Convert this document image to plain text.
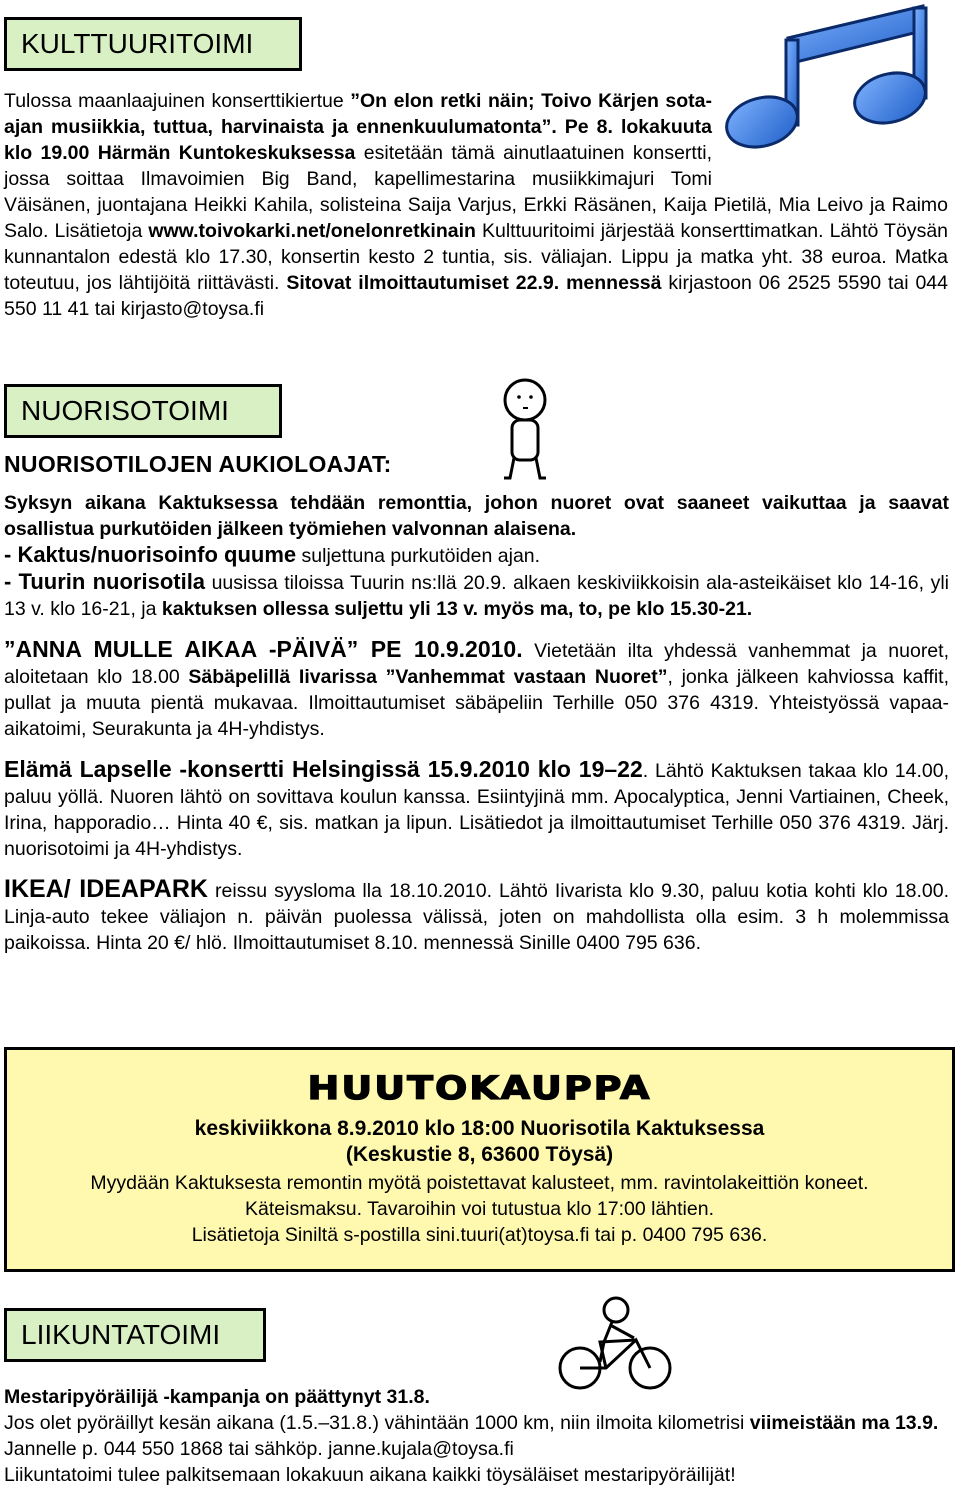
KULTTUURITOIMI
NUORISOTOIMI
NUORISOTILOJEN AUKIOLOAJAT:
HUUTOKAUPPA
keskiviikkona 8.9.2010 klo 18:00 Nuorisotila Kaktuksessa
(Keskustie 8, 63600 Töysä)
Myydään Kaktuksesta remontin myötä poistettavat kalusteet, mm. ravintolakeittiön koneet.
Käteismaksu. Tavaroihin voi tutustua klo 17:00 lähtien.
Lisätietoja Siniltä s-postilla sini.tuuri(at)toysa.fi tai p. 0400 795 636.
LIIKUNTATOIMI
Mestaripyöräilijä -kampanja on päättynyt 31.8.
Jos olet pyöräillyt kesän aikana (1.5.–31.8.) vähintään 1000 km, niin ilmoita kilometrisi viimeistään ma 13.9. Jannelle p. 044 550 1868 tai sähköp. janne.kujala@toysa.fi
Liikuntatoimi tulee palkitsemaan lokakuun aikana kaikki töysäläiset mestaripyöräilijät!
Tulossa maanlaajuinen konserttikiertue ”On elon retki näin; Toivo Kärjen sota-ajan musiikkia, tuttua, harvinaista ja ennenkuulumatonta”. Pe 8. lokakuuta klo 19.00 Härmän Kuntokeskuksessa esitetään tämä ainutlaatuinen konsertti, jossa soittaa Ilmavoimien Big Band, kapellimestarina musiikkimajuri Tomi Väisänen, juontajana Heikki Kahila, solisteina Saija Varjus, Erkki Räsänen, Kaija Pietilä, Mia Leivo ja Raimo Salo. Lisätietoja www.toivokarki.net/onelonretkinain Kulttuuritoimi järjestää konserttimatkan. Lähtö Töysän kunnantalon edestä klo 17.30, konsertin kesto 2 tuntia, sis. väliajan. Lippu ja matka yht. 38 euroa. Matka toteutuu, jos lähtijöitä riittävästi. Sitovat ilmoittautumiset 22.9. mennessä kirjastoon 06 2525 5590 tai 044 550 11 41 tai kirjasto@toysa.fi
Syksyn aikana Kaktuksessa tehdään remonttia, johon nuoret ovat saaneet vaikuttaa ja saavat osallistua purkutöiden jälkeen työmiehen valvonnan alaisena.
- Kaktus/nuorisoinfo quume suljettuna purkutöiden ajan.
- Tuurin nuorisotila uusissa tiloissa Tuurin ns:llä 20.9. alkaen keskiviikkoisin ala-asteikäiset klo 14-16, yli 13 v. klo 16-21, ja kaktuksen ollessa suljettu yli 13 v. myös ma, to, pe klo 15.30-21.
”ANNA MULLE AIKAA -PÄIVÄ” PE 10.9.2010. Vietetään ilta yhdessä vanhemmat ja nuoret, aloitetaan klo 18.00 Säbäpelillä Iivarissa ”Vanhemmat vastaan Nuoret”, jonka jälkeen kahviossa kaffit, pullat ja muuta pientä mukavaa. Ilmoittautumiset säbäpeliin Terhille 050 376 4319. Yhteistyössä vapaa-aikatoimi, Seurakunta ja 4H-yhdistys.
Elämä Lapselle -konsertti Helsingissä 15.9.2010 klo 19–22. Lähtö Kaktuksen takaa klo 14.00, paluu yöllä. Nuoren lähtö on sovittava koulun kanssa. Esiintyjinä mm. Apocalyptica, Jenni Vartiainen, Cheek, Irina, happoradio… Hinta 40 €, sis. matkan ja lipun. Lisätiedot ja ilmoittautumiset Terhille 050 376 4319. Järj. nuorisotoimi ja 4H-yhdistys.
IKEA/ IDEAPARK reissu syysloma lla 18.10.2010. Lähtö Iivarista klo 9.30, paluu kotia kohti klo 18.00. Linja-auto tekee väliajon n. päivän puolessa välissä, joten on mahdollista olla esim. 3 h molemmissa paikoissa. Hinta 20 €/ hlö. Ilmoittautumiset 8.10. mennessä Sinille 0400 795 636.
